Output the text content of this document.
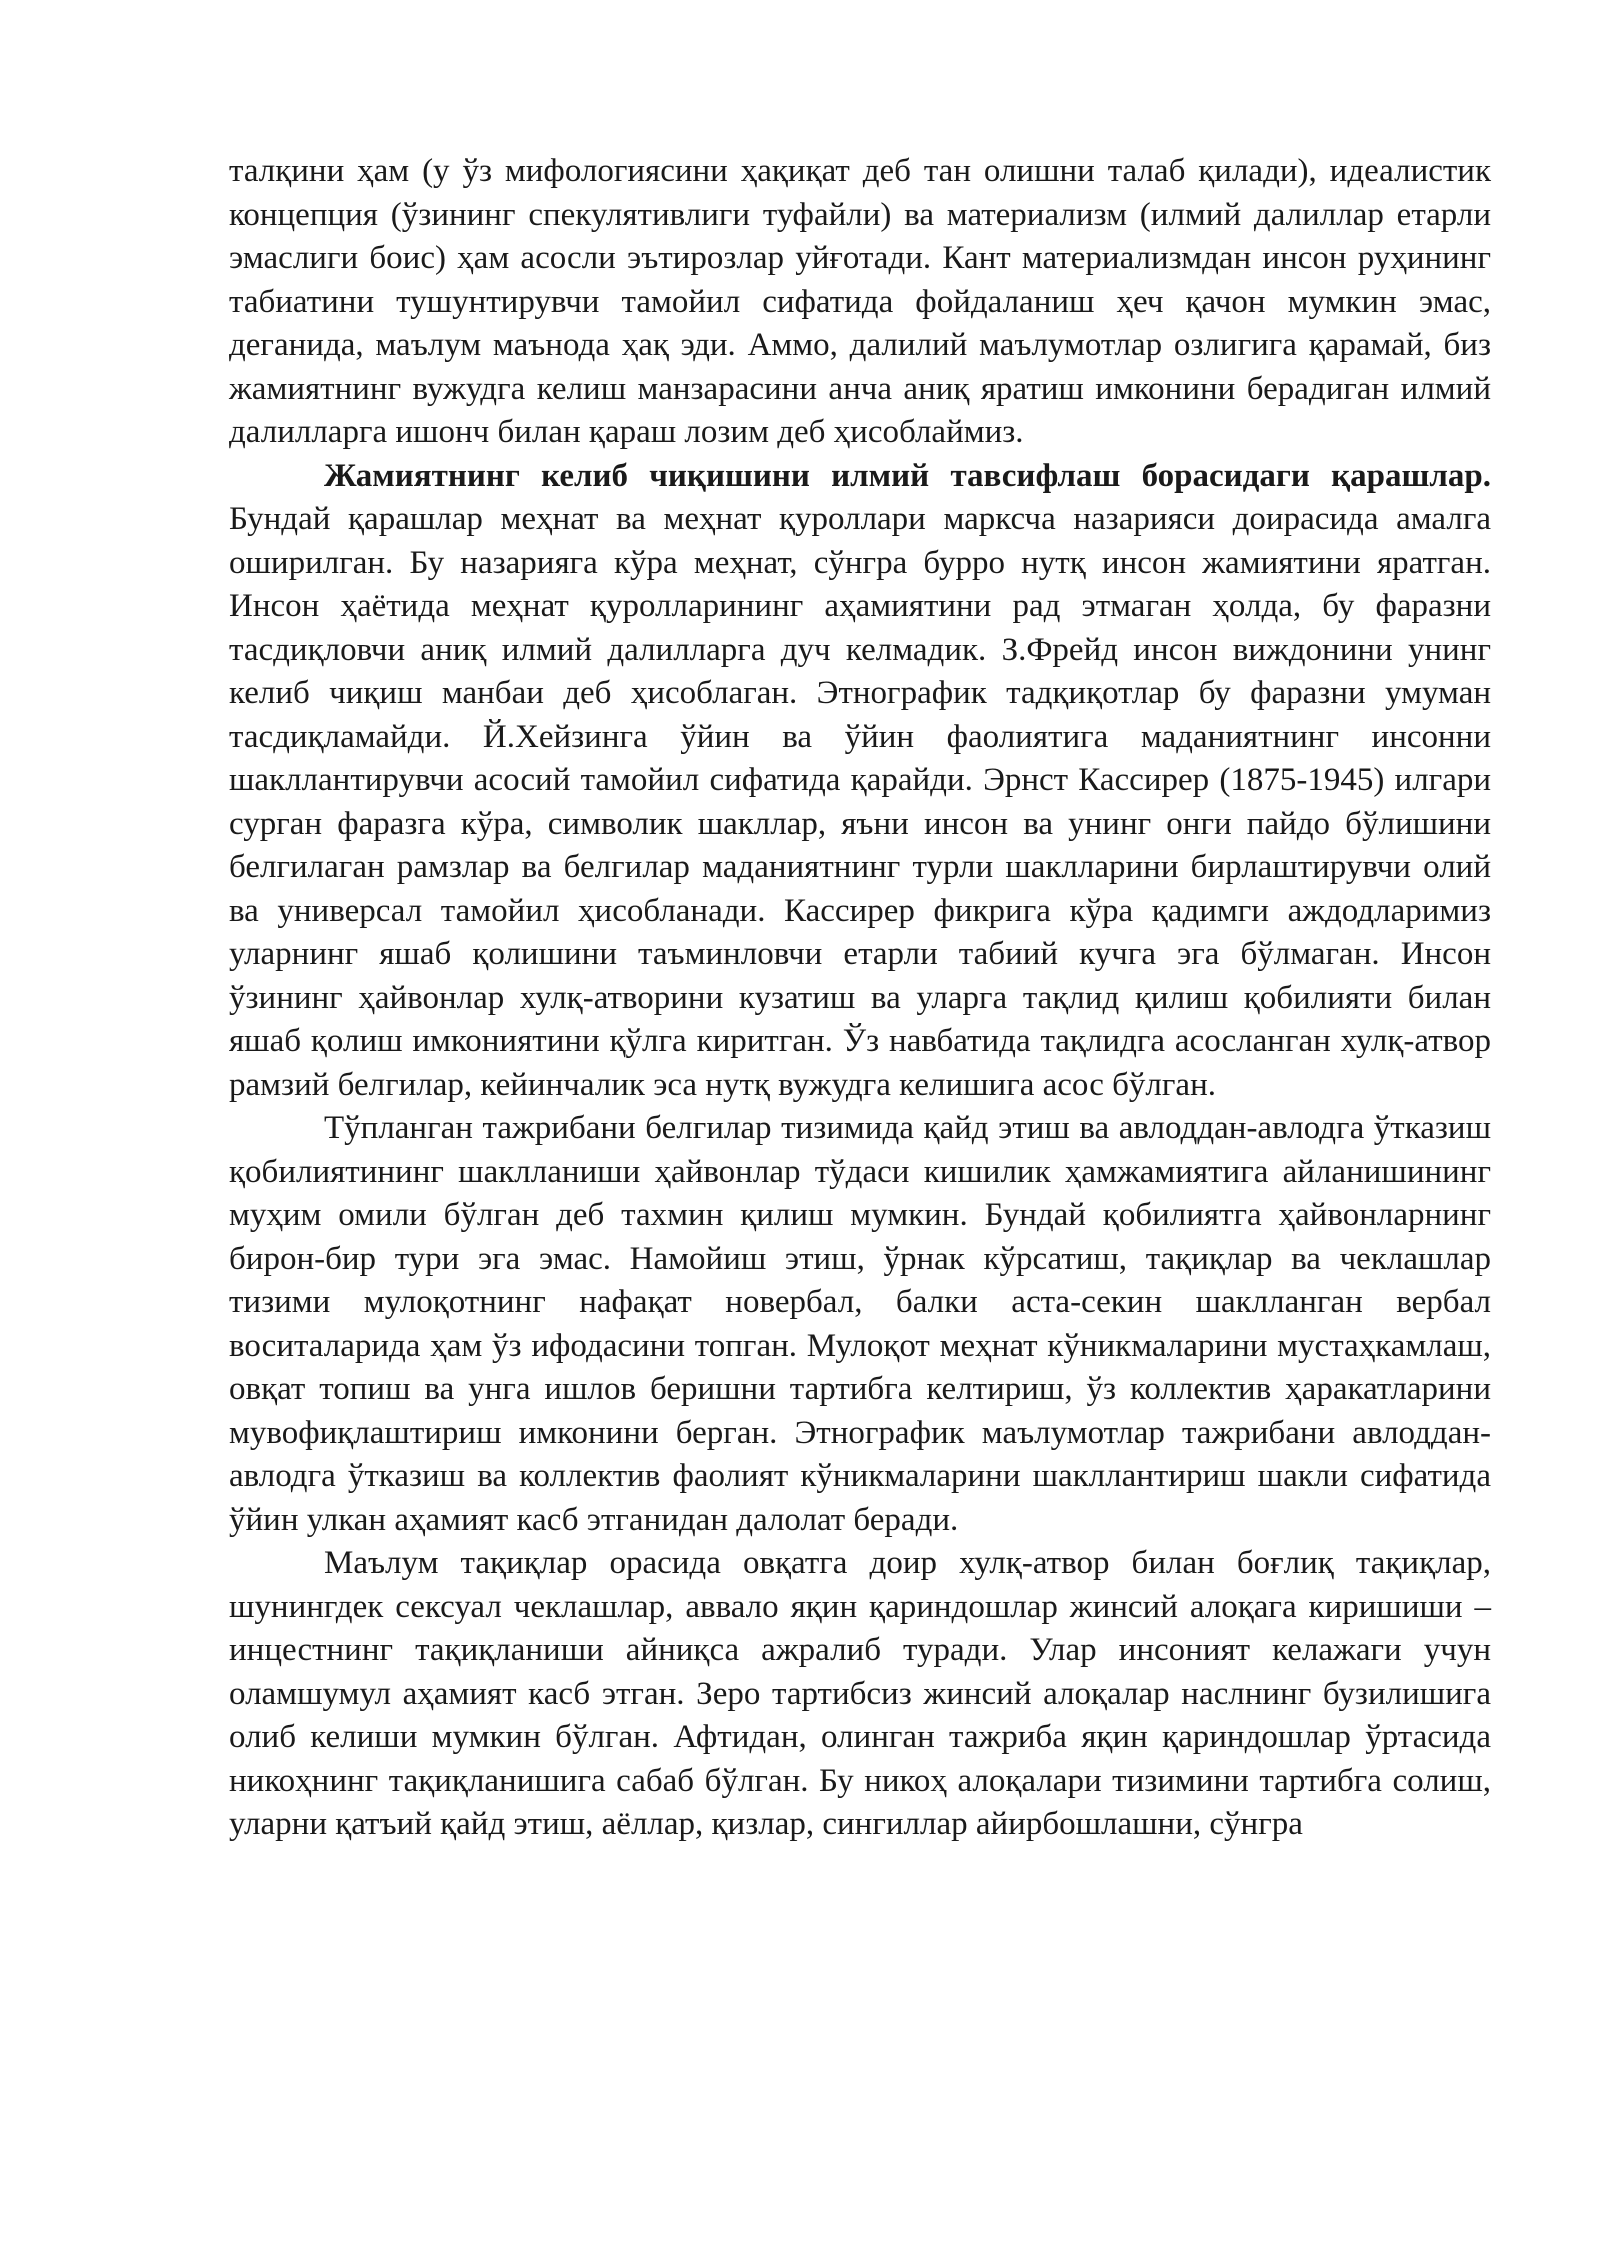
талқини ҳам (у ўз мифологиясини ҳақиқат деб тан олишни талаб қилади), идеалистик концепция (ўзининг спекулятивлиги туфайли) ва материализм (илмий далиллар етарли эмаслиги боис) ҳам асосли эътирозлар уйғотади. Кант материализмдан инсон руҳининг табиатини тушунтирувчи тамойил сифатида фойдаланиш ҳеч қачон мумкин эмас, деганида, маълум маънода ҳақ эди. Аммо, далилий маълумотлар озлигига қарамай, биз жамиятнинг вужудга келиш манзарасини анча аниқ яратиш имконини берадиган илмий далилларга ишонч билан қараш лозим деб ҳисоблаймиз.

Жамиятнинг келиб чиқишини илмий тавсифлаш борасидаги қарашлар. Бундай қарашлар меҳнат ва меҳнат қуроллари марксча назарияси доирасида амалга оширилган. Бу назарияга кўра меҳнат, сўнгра бурро нутқ инсон жамиятини яратган. Инсон ҳаётида меҳнат қуролларининг аҳамиятини рад этмаган ҳолда, бу фаразни тасдиқловчи аниқ илмий далилларга дуч келмадик. З.Фрейд инсон виждонини унинг келиб чиқиш манбаи деб ҳисоблаган. Этнографик тадқиқотлар бу фаразни умуман тасдиқламайди. Й.Хейзинга ўйин ва ўйин фаолиятига маданиятнинг инсонни шакллантирувчи асосий тамойил сифатида қарайди. Эрнст Кассирер (1875-1945) илгари сурган фаразга кўра, символик шакллар, яъни инсон ва унинг онги пайдо бўлишини белгилаган рамзлар ва белгилар маданиятнинг турли шаклларини бирлаштирувчи олий ва универсал тамойил ҳисобланади. Кассирер фикрига кўра қадимги аждодларимиз уларнинг яшаб қолишини таъминловчи етарли табиий кучга эга бўлмаган. Инсон ўзининг ҳайвонлар хулқ-атворини кузатиш ва уларга тақлид қилиш қобилияти билан яшаб қолиш имкониятини қўлга киритган. Ўз навбатида тақлидга асосланган хулқ-атвор рамзий белгилар, кейинчалик эса нутқ вужудга келишига асос бўлган.

Тўпланган тажрибани белгилар тизимида қайд этиш ва авлоддан-авлодга ўтказиш қобилиятининг шаклланиши ҳайвонлар тўдаси кишилик ҳамжамиятига айланишининг муҳим омили бўлган деб тахмин қилиш мумкин. Бундай қобилиятга ҳайвонларнинг бирон-бир тури эга эмас. Намойиш этиш, ўрнак кўрсатиш, тақиқлар ва чеклашлар тизими мулоқотнинг нафақат новербал, балки аста-секин шаклланган вербал воситаларида ҳам ўз ифодасини топган. Мулоқот меҳнат кўникмаларини мустаҳкамлаш, овқат топиш ва унга ишлов беришни тартибга келтириш, ўз коллектив ҳаракатларини мувофиқлаштириш имконини берган. Этнографик маълумотлар тажрибани авлоддан-авлодга ўтказиш ва коллектив фаолият кўникмаларини шакллантириш шакли сифатида ўйин улкан аҳамият касб этганидан далолат беради.

Маълум тақиқлар орасида овқатга доир хулқ-атвор билан боғлиқ тақиқлар, шунингдек сексуал чеклашлар, аввало яқин қариндошлар жинсий алоқага киришиши – инцестнинг тақиқланиши айниқса ажралиб туради. Улар инсоният келажаги учун оламшумул аҳамият касб этган. Зеро тартибсиз жинсий алоқалар наслнинг бузилишига олиб келиши мумкин бўлган. Афтидан, олинган тажриба яқин қариндошлар ўртасида никоҳнинг тақиқланишига сабаб бўлган. Бу никоҳ алоқалари тизимини тартибга солиш, уларни қатъий қайд этиш, аёллар, қизлар, сингиллар айирбошлашни, сўнгра
